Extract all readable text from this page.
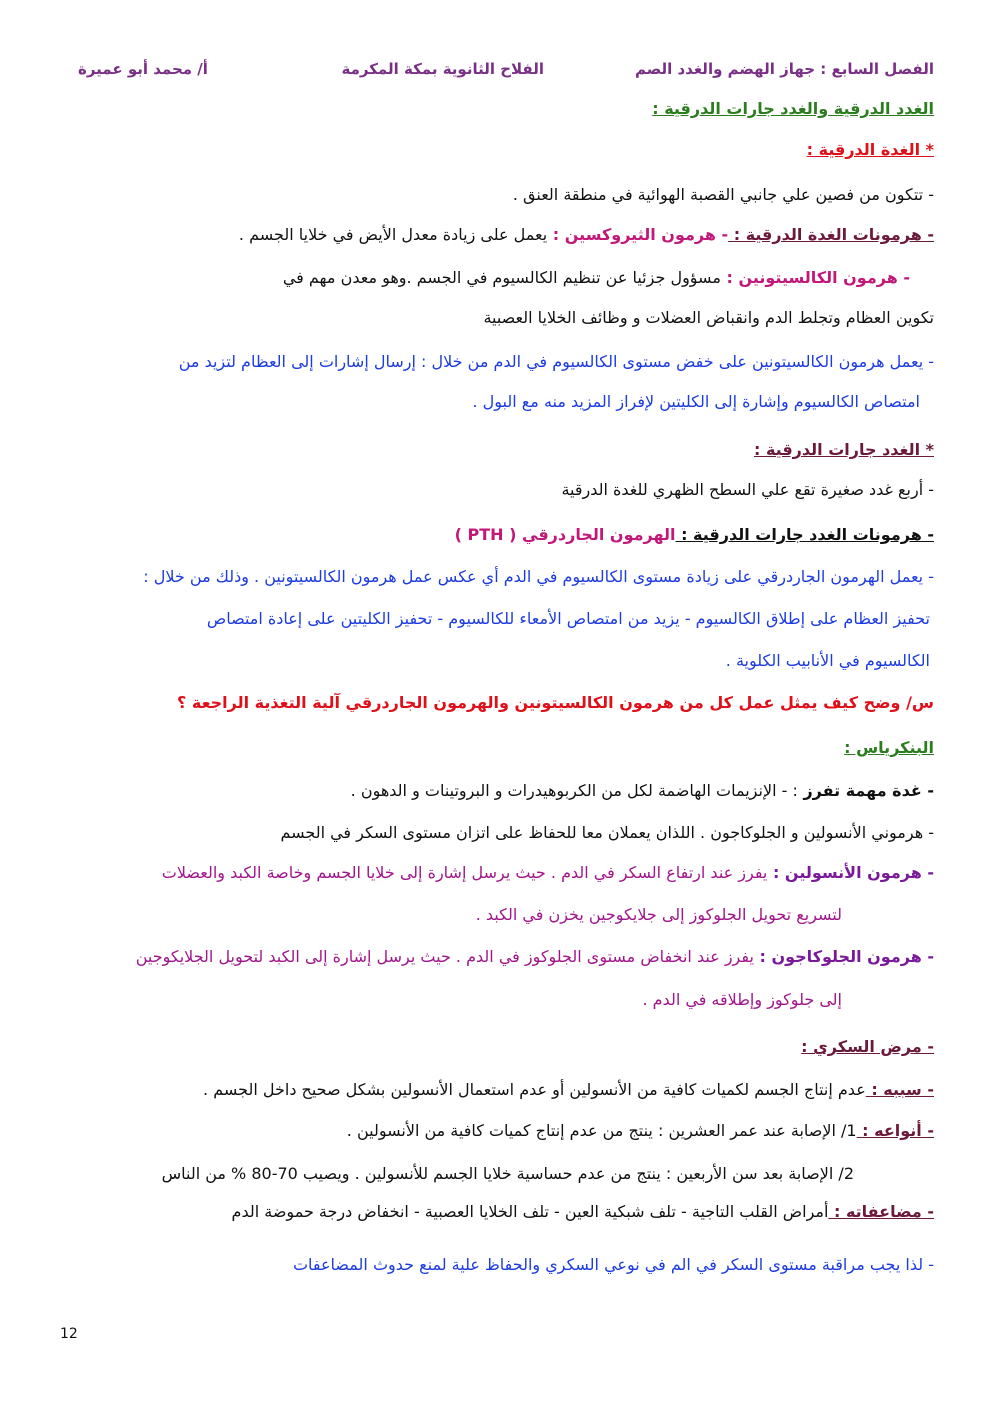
الفصل السابع : جهاز الهضم والغدد الصم
الفلاح الثانوية بمكة المكرمة
أ/ محمد أبو عميرة
الغدد الدرقية والغدد جارات الدرقية :
* الغدة الدرقية :
- تتكون من فصين علي جانبي القصبة الهوائية في منطقة العنق .
- هرمونات الغدة الدرقية : - هرمون الثيروكسين : يعمل على زيادة معدل الأيض في خلايا الجسم .
- هرمون الكالسيتونين : مسؤول جزئيا عن تنظيم الكالسيوم في الجسم .وهو معدن مهم في
تكوين العظام وتجلط الدم وانقباض العضلات و وظائف الخلايا العصبية
- يعمل هرمون الكالسيتونين على خفض مستوى الكالسيوم في الدم من خلال : إرسال إشارات إلى العظام لتزيد من
امتصاص الكالسيوم وإشارة إلى الكليتين لإفراز المزيد منه مع البول .
* الغدد جارات الدرقية :
- أربع غدد صغيرة تقع علي السطح الظهري للغدة الدرقية
- هرمونات الغدد جارات الدرقية : الهرمون الجاردرقي ( PTH )
- يعمل الهرمون الجاردرقي على زيادة مستوى الكالسيوم في الدم أي عكس عمل هرمون الكالسيتونين . وذلك من خلال :
تحفيز العظام على إطلاق الكالسيوم - يزيد من امتصاص الأمعاء للكالسيوم - تحفيز الكليتين على إعادة امتصاص
الكالسيوم في الأنابيب الكلوية .
س/ وضح كيف يمثل عمل كل من هرمون الكالسيتونين والهرمون الجاردرقي آلية التغذية الراجعة ؟
البنكرياس :
- غدة مهمة تفرز : - الإنزيمات الهاضمة لكل من الكربوهيدرات و البروتينات و الدهون .
- هرموني الأنسولين و الجلوكاجون . اللذان يعملان معا للحفاظ على اتزان مستوى السكر في الجسم
- هرمون الأنسولين : يفرز عند ارتفاع السكر في الدم . حيث يرسل إشارة إلى خلايا الجسم وخاصة الكبد والعضلات
لتسريع تحويل الجلوكوز إلى جلايكوجين يخزن في الكبد .
- هرمون الجلوكاجون : يفرز عند انخفاض مستوى الجلوكوز في الدم . حيث يرسل إشارة إلى الكبد لتحويل الجلايكوجين
إلى جلوكوز وإطلاقه في الدم .
- مرض السكري :
- سببه : عدم إنتاج الجسم لكميات كافية من الأنسولين أو عدم استعمال الأنسولين بشكل صحيح داخل الجسم .
- أنواعه : 1/ الإصابة عند عمر العشرين : ينتج من عدم إنتاج كميات كافية من الأنسولين .
2/ الإصابة بعد سن الأربعين : ينتج من عدم حساسية خلايا الجسم للأنسولين . ويصيب 70-80 % من الناس
- مضاعفاته : أمراض القلب التاجية - تلف شبكية العين - تلف الخلايا العصبية - انخفاض درجة حموضة الدم
- لذا يجب مراقبة مستوى السكر في الم في نوعي السكري والحفاظ علية لمنع حدوث المضاعفات
12
